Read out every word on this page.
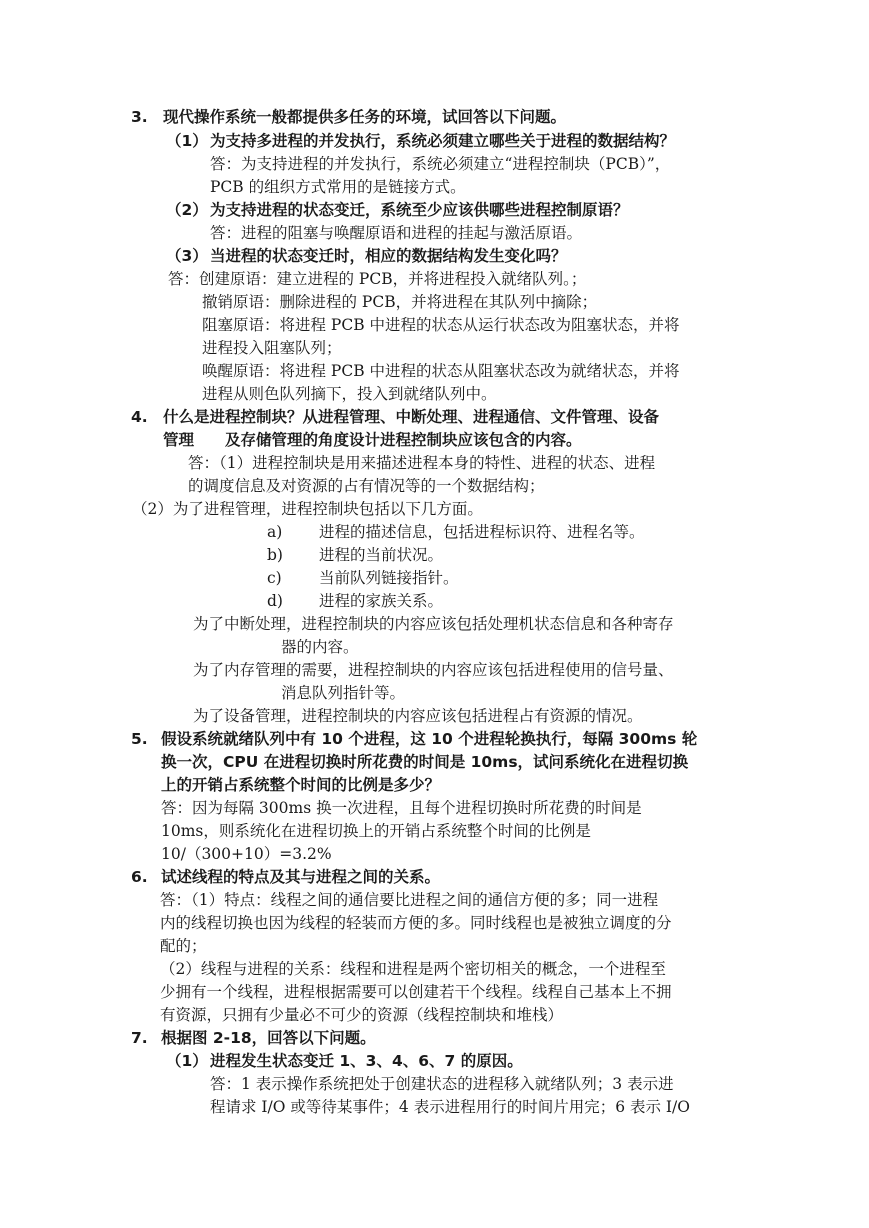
3. 现代操作系统一般都提供多任务的环境，试回答以下问题。
（1） 为支持多进程的并发执行，系统必须建立哪些关于进程的数据结构？
答：为支持进程的并发执行，系统必须建立“进程控制块（PCB）”，
PCB 的组织方式常用的是链接方式。
（2） 为支持进程的状态变迁，系统至少应该供哪些进程控制原语？
答：进程的阻塞与唤醒原语和进程的挂起与激活原语。
（3） 当进程的状态变迁时，相应的数据结构发生变化吗？
答：创建原语：建立进程的 PCB，并将进程投入就绪队列。；
撤销原语：删除进程的 PCB，并将进程在其队列中摘除；
阻塞原语：将进程 PCB 中进程的状态从运行状态改为阻塞状态，并将
进程投入阻塞队列；
唤醒原语：将进程 PCB 中进程的状态从阻塞状态改为就绪状态，并将
进程从则色队列摘下，投入到就绪队列中。
4. 什么是进程控制块？从进程管理、中断处理、进程通信、文件管理、设备
管理　　及存储管理的角度设计进程控制块应该包含的内容。
答：（1）进程控制块是用来描述进程本身的特性、进程的状态、进程
的调度信息及对资源的占有情况等的一个数据结构；
（2）为了进程管理，进程控制块包括以下几方面。
a) 进程的描述信息，包括进程标识符、进程名等。
b) 进程的当前状况。
c) 当前队列链接指针。
d) 进程的家族关系。
为了中断处理，进程控制块的内容应该包括处理机状态信息和各种寄存
器的内容。
为了内存管理的需要，进程控制块的内容应该包括进程使用的信号量、
消息队列指针等。
为了设备管理，进程控制块的内容应该包括进程占有资源的情况。
5. 假设系统就绪队列中有 10 个进程，这 10 个进程轮换执行，每隔 300ms 轮
换一次，CPU 在进程切换时所花费的时间是 10ms，试问系统化在进程切换
上的开销占系统整个时间的比例是多少？
答：因为每隔 300ms 换一次进程，且每个进程切换时所花费的时间是
10ms，则系统化在进程切换上的开销占系统整个时间的比例是
10/（300+10）=3.2%
6. 试述线程的特点及其与进程之间的关系。
答：（1）特点：线程之间的通信要比进程之间的通信方便的多；同一进程
内的线程切换也因为线程的轻装而方便的多。同时线程也是被独立调度的分
配的；
（2）线程与进程的关系：线程和进程是两个密切相关的概念，一个进程至
少拥有一个线程，进程根据需要可以创建若干个线程。线程自己基本上不拥
有资源，只拥有少量必不可少的资源（线程控制块和堆栈）
7. 根据图 2-18，回答以下问题。
（1） 进程发生状态变迁 1、3、4、6、7 的原因。
答：1 表示操作系统把处于创建状态的进程移入就绪队列；3 表示进
程请求 I/O 或等待某事件；4 表示进程用行的时间片用完；6 表示 I/O
